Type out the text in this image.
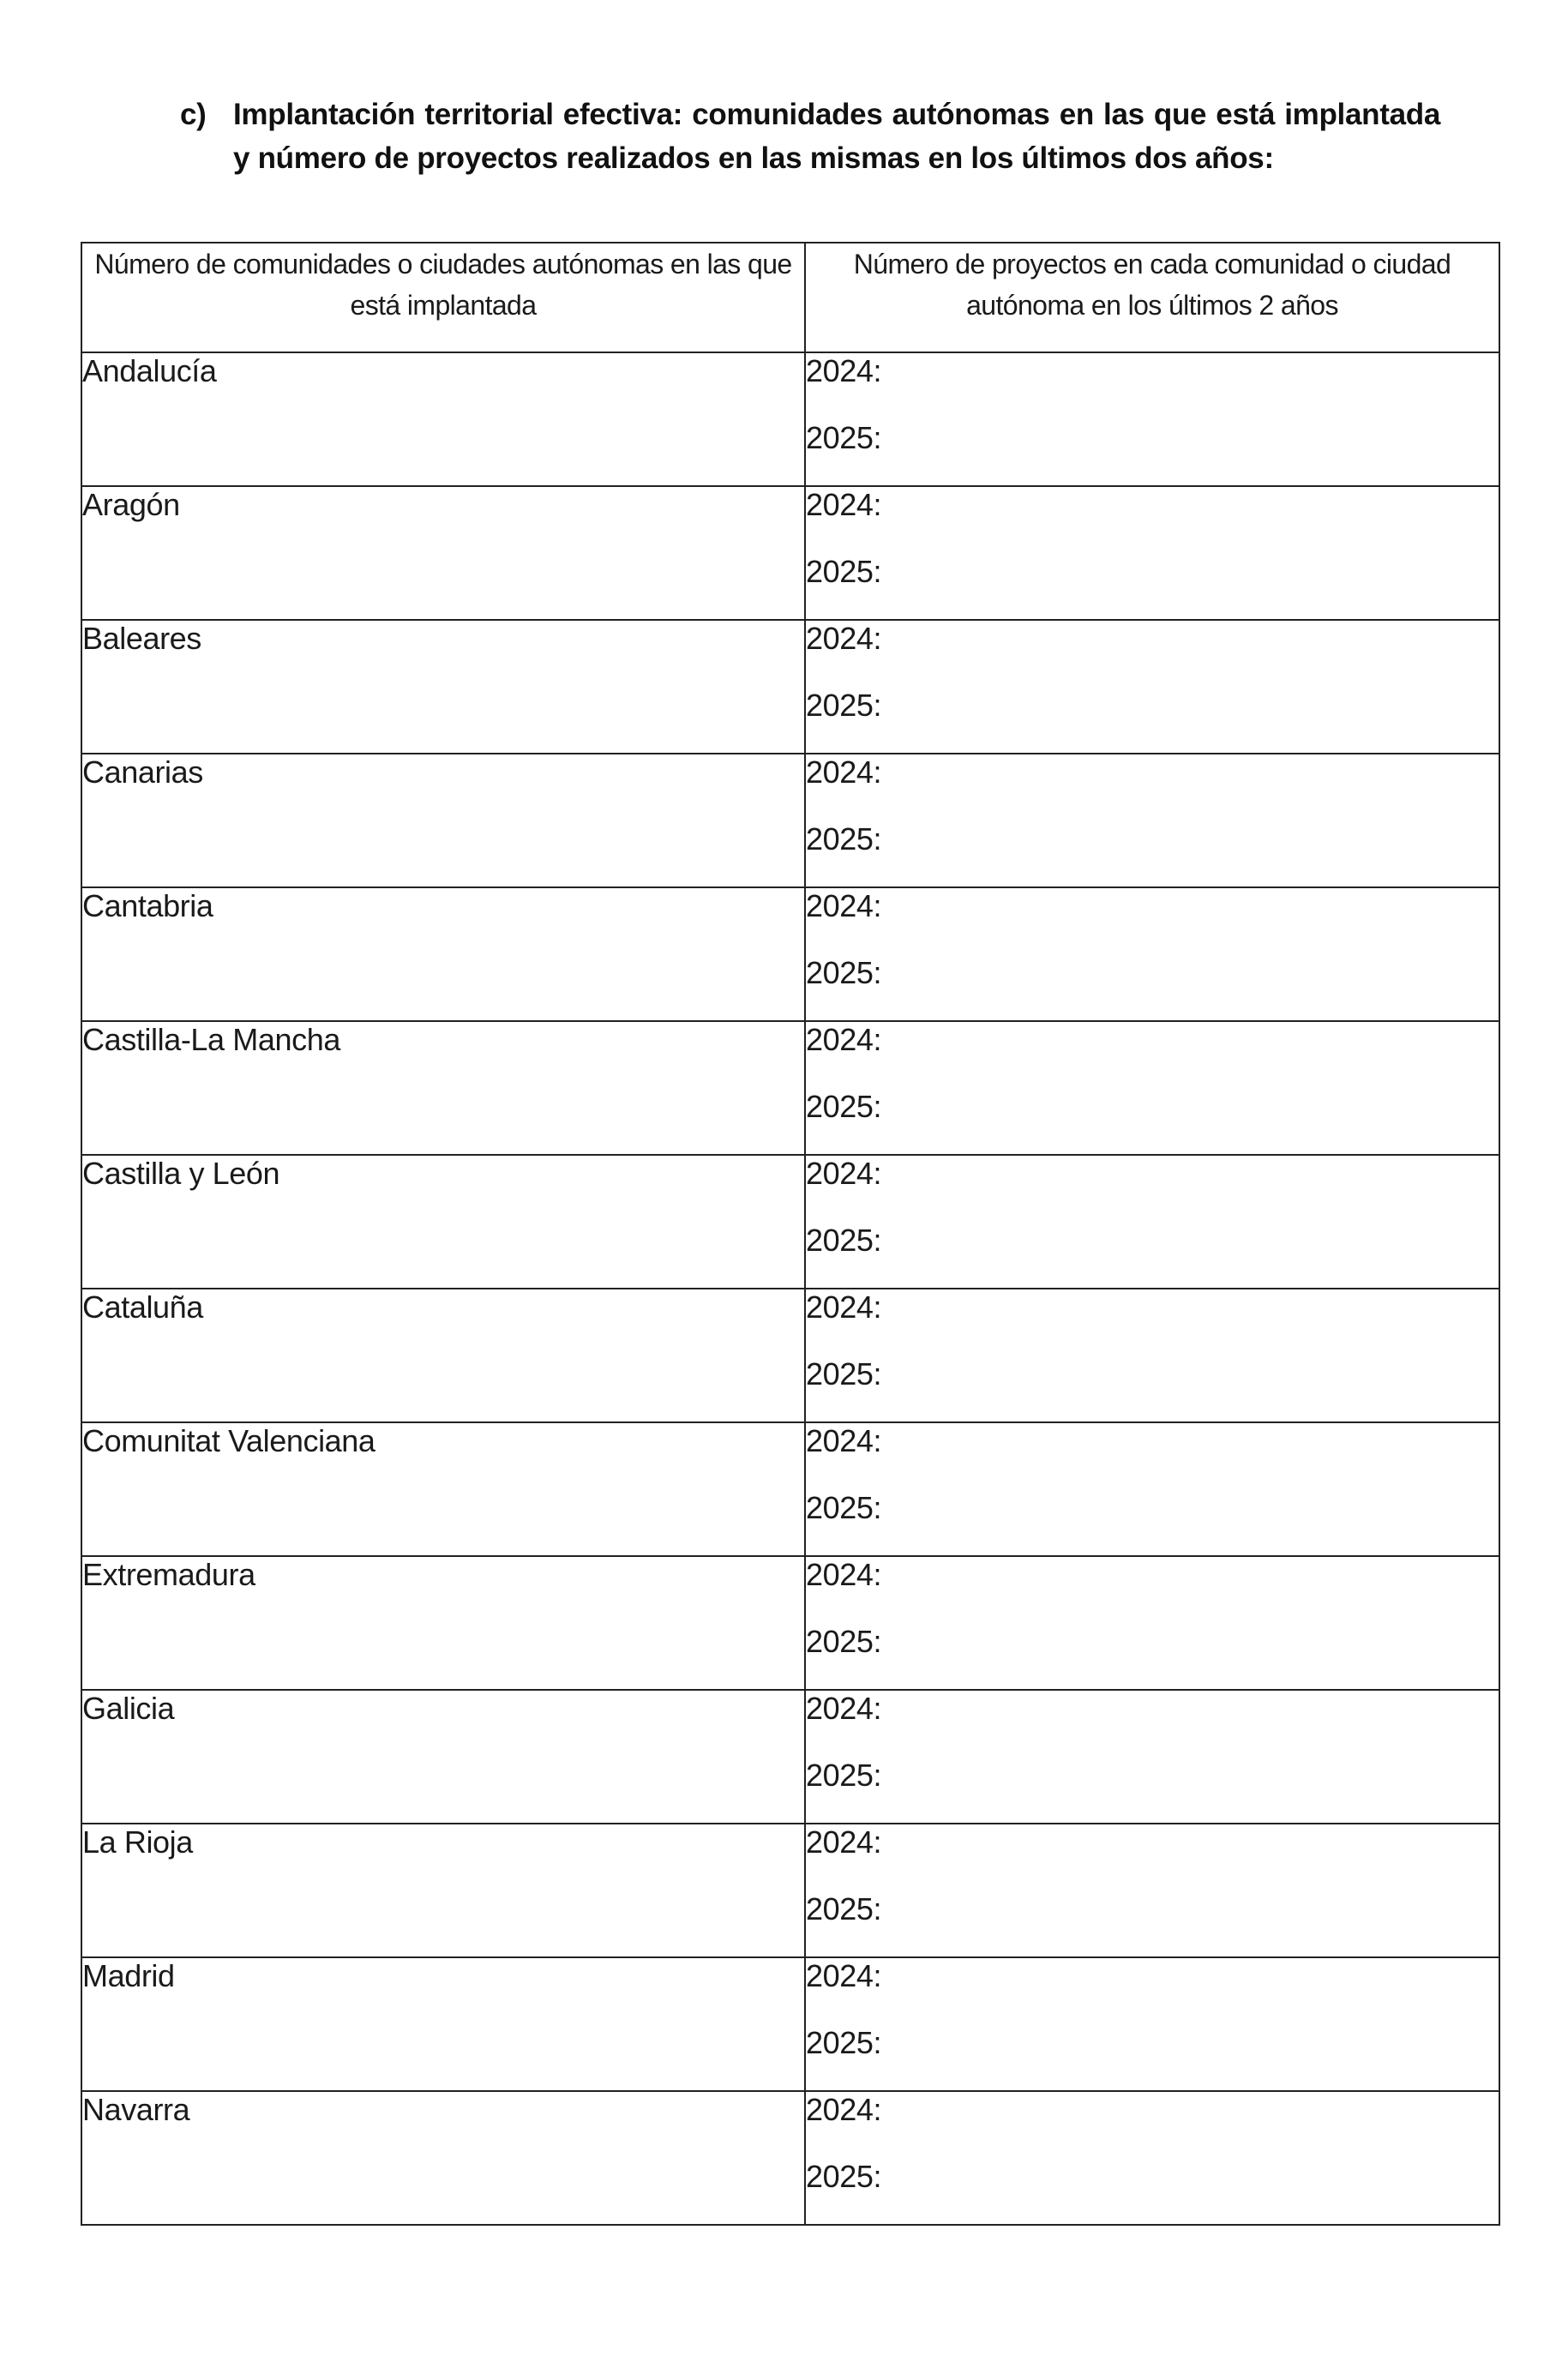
c) Implantación territorial efectiva: comunidades autónomas en las que está implantada y número de proyectos realizados en las mismas en los últimos dos años:
Número de comunidades o ciudades autónomas en las que está implantada	Número de proyectos en cada comunidad o ciudad autónoma en los últimos 2 años
Andalucía	2024:
2025:

Aragón	2024:
2025:

Baleares	2024:
2025:

Canarias	2024:
2025:

Cantabria	2024:
2025:

Castilla-La Mancha	2024:
2025:

Castilla y León	2024:
2025:

Cataluña	2024:
2025:

Comunitat Valenciana	2024:
2025:

Extremadura	2024:
2025:

Galicia	2024:
2025:

La Rioja	2024:
2025:

Madrid	2024:
2025:

Navarra	2024:
2025:
